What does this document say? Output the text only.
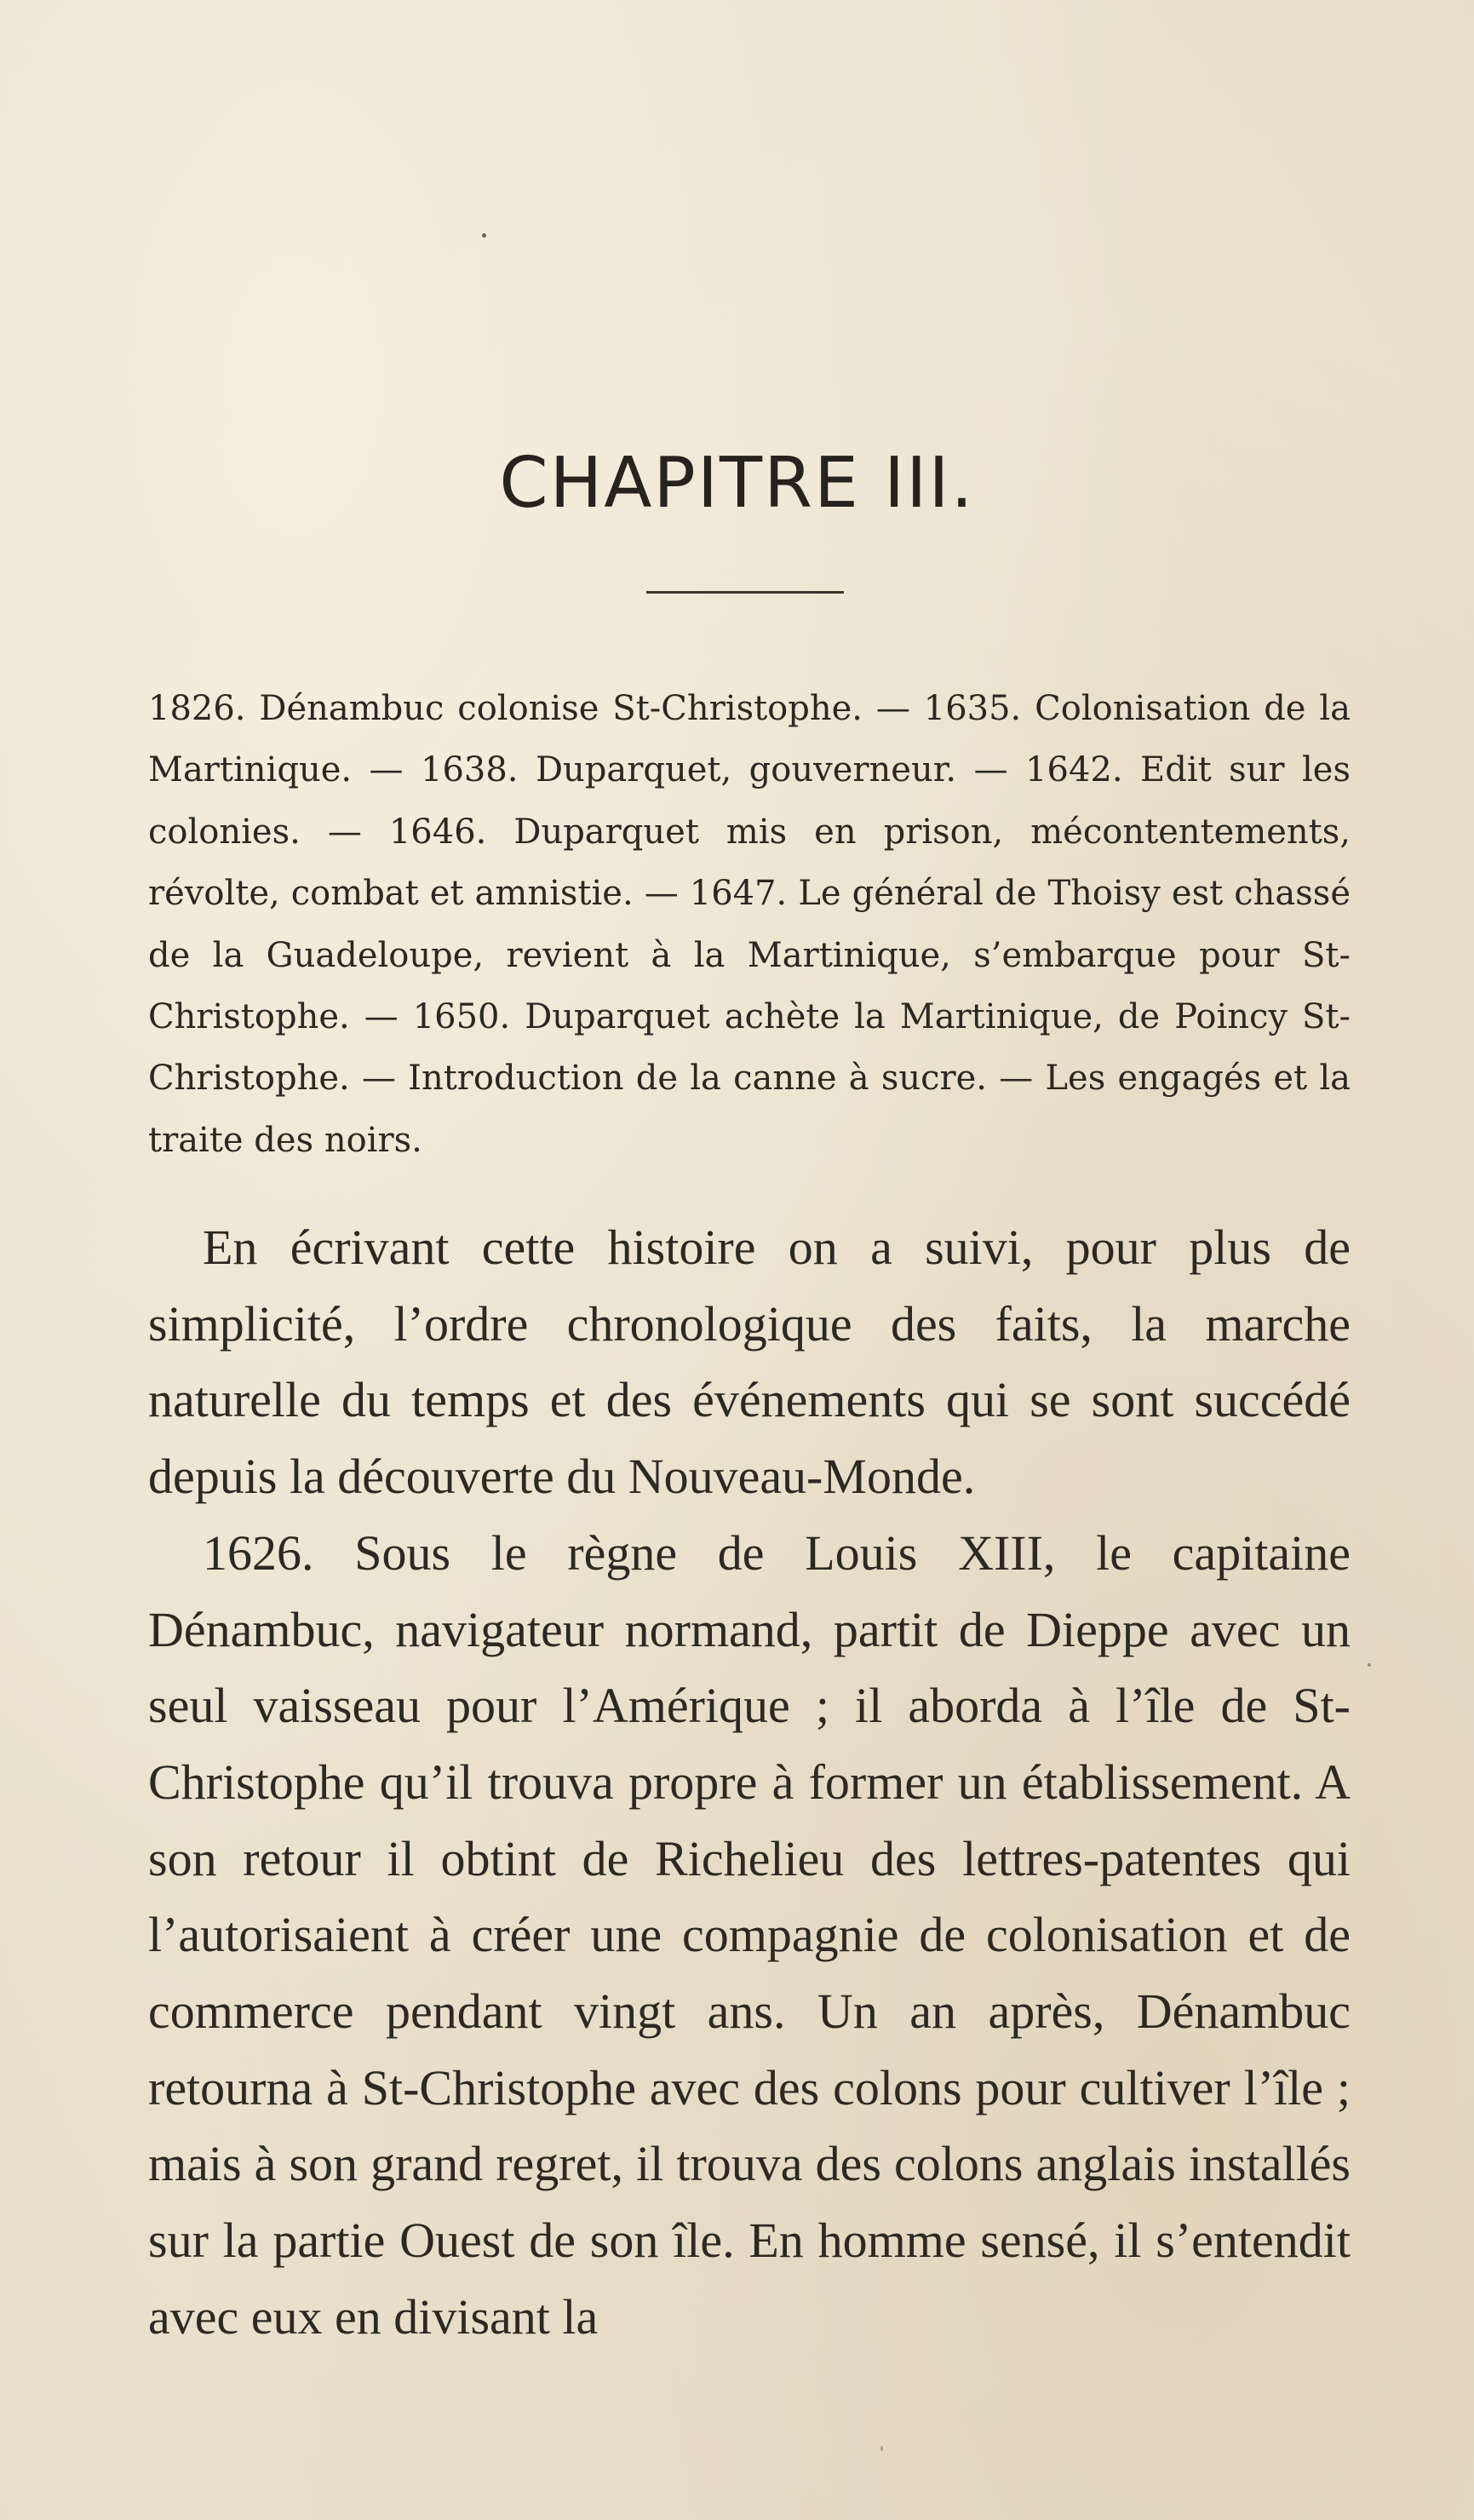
CHAPITRE III.

1826. Dénambuc colonise St-Christophe. — 1635. Colonisation de la Martinique. — 1638. Duparquet, gouverneur. — 1642. Edit sur les colonies. — 1646. Duparquet mis en prison, mécontentements, révolte, combat et amnistie. — 1647. Le général de Thoisy est chassé de la Guadeloupe, revient à la Martinique, s’embarque pour St-Christophe. — 1650. Duparquet achète la Martinique, de Poincy St-Christophe. — Introduction de la canne à sucre. — Les engagés et la traite des noirs.

En écrivant cette histoire on a suivi, pour plus de simplicité, l’ordre chronologique des faits, la marche naturelle du temps et des événements qui se sont succédé depuis la découverte du Nouveau-Monde.

1626. Sous le règne de Louis XIII, le capitaine Dénambuc, navigateur normand, partit de Dieppe avec un seul vaisseau pour l’Amérique ; il aborda à l’île de St-Christophe qu’il trouva propre à former un établissement. A son retour il obtint de Richelieu des lettres-patentes qui l’autorisaient à créer une compagnie de colonisation et de commerce pendant vingt ans. Un an après, Dénambuc retourna à St-Christophe avec des colons pour cultiver l’île ; mais à son grand regret, il trouva des colons anglais installés sur la partie Ouest de son île. En homme sensé, il s’entendit avec eux en divisant la
